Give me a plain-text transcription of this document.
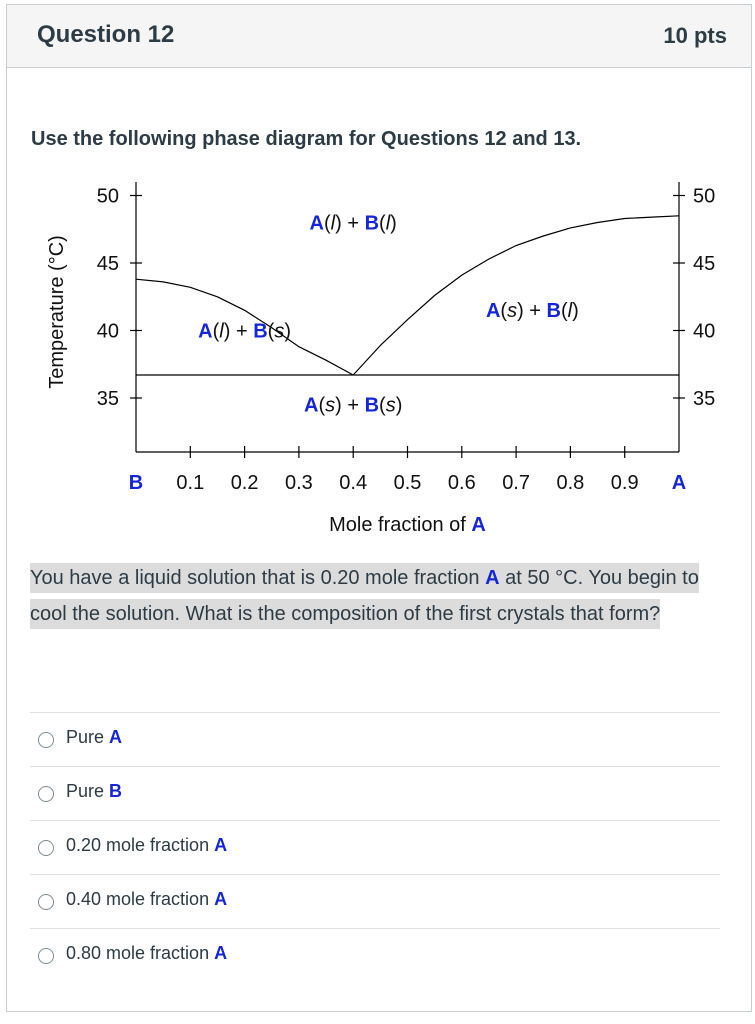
Question 12	10 pts
Use the following phase diagram for Questions 12 and 13.
50	50
45	45
40	40
35	35
B 0.1 0.2 0.3 0.4 0.5 0.6 0.7 0.8 0.9 A
Mole fraction of A
Temperature (°C)
A(l) + B(l)
A(l) + B(s)
A(s) + B(l)
A(s) + B(s)
You have a liquid solution that is 0.20 mole fraction A at 50 °C. You begin to cool the solution. What is the composition of the first crystals that form?
Pure A
Pure B
0.20 mole fraction A
0.40 mole fraction A
0.80 mole fraction A
